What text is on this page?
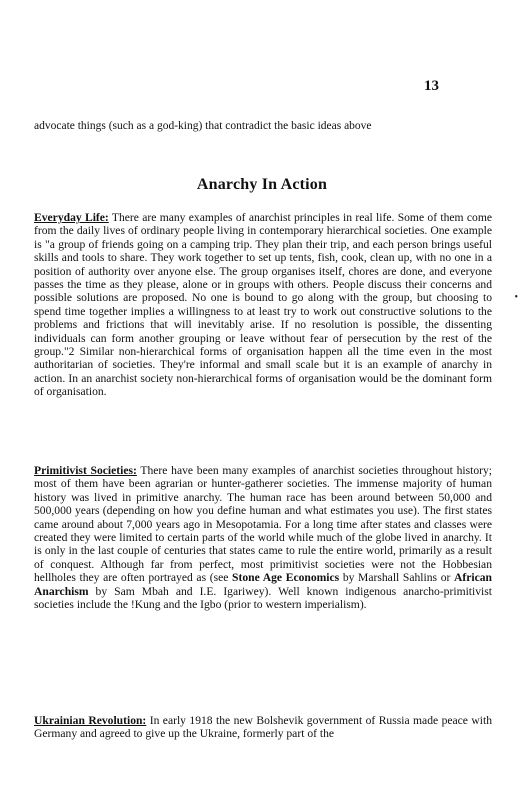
13
advocate things (such as a god-king) that contradict the basic ideas above
Anarchy In Action

Everyday Life: There are many examples of anarchist principles in real life. Some of them come from the daily lives of ordinary people living in contemporary hierarchical societies. One example is "a group of friends going on a camping trip. They plan their trip, and each person brings useful skills and tools to share. They work together to set up tents, fish, cook, clean up, with no one in a position of authority over anyone else. The group organises itself, chores are done, and everyone passes the time as they please, alone or in groups with others. People discuss their concerns and possible solutions are proposed. No one is bound to go along with the group, but choosing to spend time together implies a willingness to at least try to work out constructive solutions to the problems and frictions that will inevitably arise. If no resolution is possible, the dissenting individuals can form another grouping or leave without fear of persecution by the rest of the group."2 Similar non-hierarchical forms of organisation happen all the time even in the most authoritarian of societies. They're informal and small scale but it is an example of anarchy in action. In an anarchist society non-hierarchical forms of organisation would be the dominant form of organisation.

Primitivist Societies: There have been many examples of anarchist societies throughout history; most of them have been agrarian or hunter-gatherer societies. The immense majority of human history was lived in primitive anarchy. The human race has been around between 50,000 and 500,000 years (depending on how you define human and what estimates you use). The first states came around about 7,000 years ago in Mesopotamia. For a long time after states and classes were created they were limited to certain parts of the world while much of the globe lived in anarchy. It is only in the last couple of centuries that states came to rule the entire world, primarily as a result of conquest. Although far from perfect, most primitivist societies were not the Hobbesian hellholes they are often portrayed as (see Stone Age Economics by Marshall Sahlins or African Anarchism by Sam Mbah and I.E. Igariwey). Well known indigenous anarcho-primitivist societies include the !Kung and the Igbo (prior to western imperialism).

Ukrainian Revolution: In early 1918 the new Bolshevik government of Russia made peace with Germany and agreed to give up the Ukraine, formerly part of the

•
